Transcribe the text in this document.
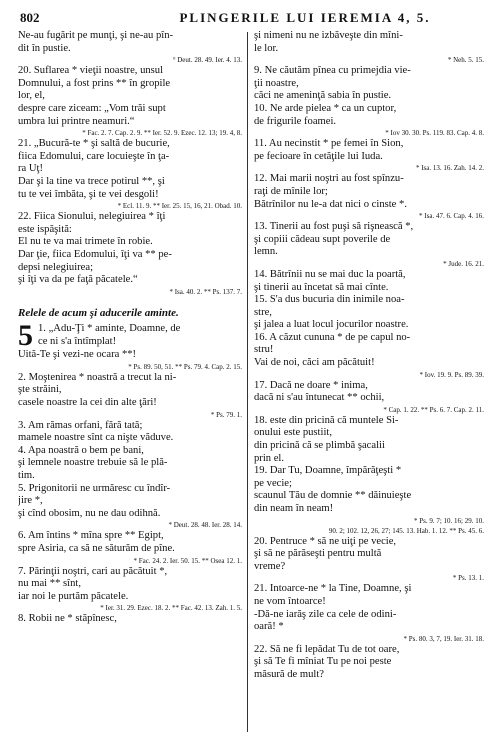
802	PLINGERILE LUI IEREMIA 4, 5.
Ne-au fugărit pe munţi, şi ne-au pîn-
dit în pustie.
° Deut. 28. 49. Ier. 4. 13.
20. Suflarea * vieţii noastre, unsul
Domnului, a fost prins ** în gropile
lor, el,
despre care ziceam: „Vom trăi supt
umbra lui printre neamuri.“
* Fac. 2. 7. Cap. 2. 9. ** Ier. 52. 9. Ezec. 12. 13; 19. 4, 8.
21. „Bucură-te * şi saltă de bucurie,
fiica Edomului, care locuieşte în ţa-
ra Uţ!
Dar şi la tine va trece potirul **, şi
tu te vei îmbăta, şi te vei desgoli!
* Ecl. 11. 9. ** Ier. 25. 15, 16, 21. Obad. 10.
22. Fiica Sionului, nelegiuirea * îţi
este ispăşită:
El nu te va mai trimete în robie.
Dar ţie, fiica Edomului, îţi va ** pe-
depsi nelegiuirea;
şi îţi va da pe faţă păcatele.“
* Isa. 40. 2. ** Ps. 137. 7.
Relele de acum şi aducerile aminte.
5 1. „Adu-Ţi * aminte, Doamne, de
ce ni s'a întîmplat!
Uită-Te şi vezi-ne ocara **!
* Ps. 89. 50, 51. ** Ps. 79. 4. Cap. 2. 15.
2. Moştenirea * noastră a trecut la ni-
şte străini,
casele noastre la cei din alte ţări!
* Ps. 79. 1.
3. Am rămas orfani, fără tată;
mamele noastre sînt ca nişte văduve.
4. Apa noastră o bem pe bani,
şi lemnele noastre trebuie să le plă-
tim.
5. Prigonitorii ne urmăresc cu îndîr-
jire *,
şi cînd obosim, nu ne dau odihnă.
* Deut. 28. 48. Ier. 28. 14.
6. Am întins * mîna spre ** Egipt,
spre Asiria, ca să ne săturăm de pîne.
* Fac. 24. 2. Ier. 50. 15. ** Osea 12. 1.
7. Părinţii noştri, cari au păcătuit *,
nu mai ** sînt,
iar noi le purtăm păcatele.
* Ier. 31. 29. Ezec. 18. 2. ** Fac. 42. 13. Zah. 1. 5.
8. Robii ne * stăpînesc,
şi nimeni nu ne izbăveşte din mîni-
le lor.
* Neh. 5. 15.
9. Ne căutăm pînea cu primejdia vie-
ţii noastre,
căci ne ameninţă sabia în pustie.
10. Ne arde pielea * ca un cuptor,
de frigurile foamei.
* Iov 30. 30. Ps. 119. 83. Cap. 4. 8.
11. Au necinstit * pe femei în Sion,
pe fecioare în cetăţile lui Iuda.
* Isa. 13. 16. Zah. 14. 2.
12. Mai marii noştri au fost spînzu-
raţi de mînile lor;
Bătrînilor nu le-a dat nici o cinste *.
* Isa. 47. 6. Cap. 4. 16.
13. Tinerii au fost puşi să rişnească *,
şi copiii cădeau supt poverile de
lemn.
* Jude. 16. 21.
14. Bătrînii nu se mai duc la poartă,
şi tinerii au încetat să mai cînte.
15. S'a dus bucuria din inimile noa-
stre,
şi jalea a luat locul jocurilor noastre.
16. A căzut cununa * de pe capul no-
stru!
Vai de noi, căci am păcătuit!
* Iov. 19. 9. Ps. 89. 39.
17. Dacă ne doare * inima,
dacă ni s'au întunecat ** ochii,
* Cap. 1. 22. ** Ps. 6. 7. Cap. 2. 11.
18. este din pricină că muntele Si-
onului este pustiit,
din pricină că se plimbă şacalii
prin el.
19. Dar Tu, Doamne, împărăţeşti *
pe vecie;
scaunul Tău de domnie ** dăinuieşte
din neam în neam!
* Ps. 9. 7; 10. 16; 29. 10.
90. 2; 102. 12, 26, 27; 145. 13. Hab. 1. 12. ** Ps. 45. 6.
20. Pentruce * să ne uiţi pe vecie,
şi să ne părăseşti pentru multă
vreme?
* Ps. 13. 1.
21. Intoarce-ne * la Tine, Doamne, şi
ne vom întoarce!
-Dă-ne iarăş zile ca cele de odini-
oară! *
* Ps. 80. 3, 7, 19. Ier. 31. 18.
22. Să ne fi lepădat Tu de tot oare,
şi să Te fi mîniat Tu pe noi peste
măsură de mult?
